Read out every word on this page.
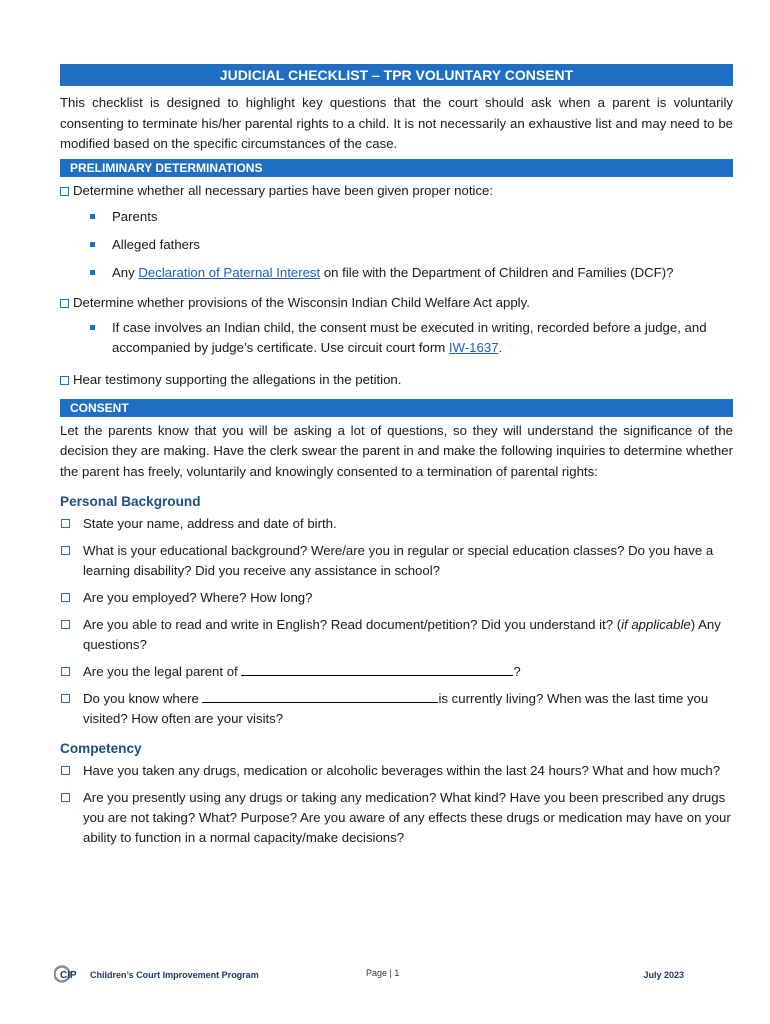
JUDICIAL CHECKLIST – TPR VOLUNTARY CONSENT

This checklist is designed to highlight key questions that the court should ask when a parent is voluntarily consenting to terminate his/her parental rights to a child. It is not necessarily an exhaustive list and may need to be modified based on the specific circumstances of the case.

PRELIMINARY DETERMINATIONS
Determine whether all necessary parties have been given proper notice:
Parents
Alleged fathers
Any Declaration of Paternal Interest on file with the Department of Children and Families (DCF)?
Determine whether provisions of the Wisconsin Indian Child Welfare Act apply.
If case involves an Indian child, the consent must be executed in writing, recorded before a judge, and accompanied by judge’s certificate. Use circuit court form IW-1637.
Hear testimony supporting the allegations in the petition.
CONSENT

Let the parents know that you will be asking a lot of questions, so they will understand the significance of the decision they are making. Have the clerk swear the parent in and make the following inquiries to determine whether the parent has freely, voluntarily and knowingly consented to a termination of parental rights:

Personal Background
State your name, address and date of birth.
What is your educational background? Were/are you in regular or special education classes? Do you have a learning disability? Did you receive any assistance in school?
Are you employed? Where? How long?
Are you able to read and write in English? Read document/petition? Did you understand it? (if applicable) Any questions?
Are you the legal parent of	?
Do you know where	is currently living? When was the last time you visited? How often are your visits?
Competency
Have you taken any drugs, medication or alcoholic beverages within the last 24 hours? What and how much?
Are you presently using any drugs or taking any medication? What kind? Have you been prescribed any drugs you are not taking? What? Purpose? Are you aware of any effects these drugs or medication may have on your ability to function in a normal capacity/make decisions?
CIP Children’s Court Improvement Program	Page | 1	July 2023
